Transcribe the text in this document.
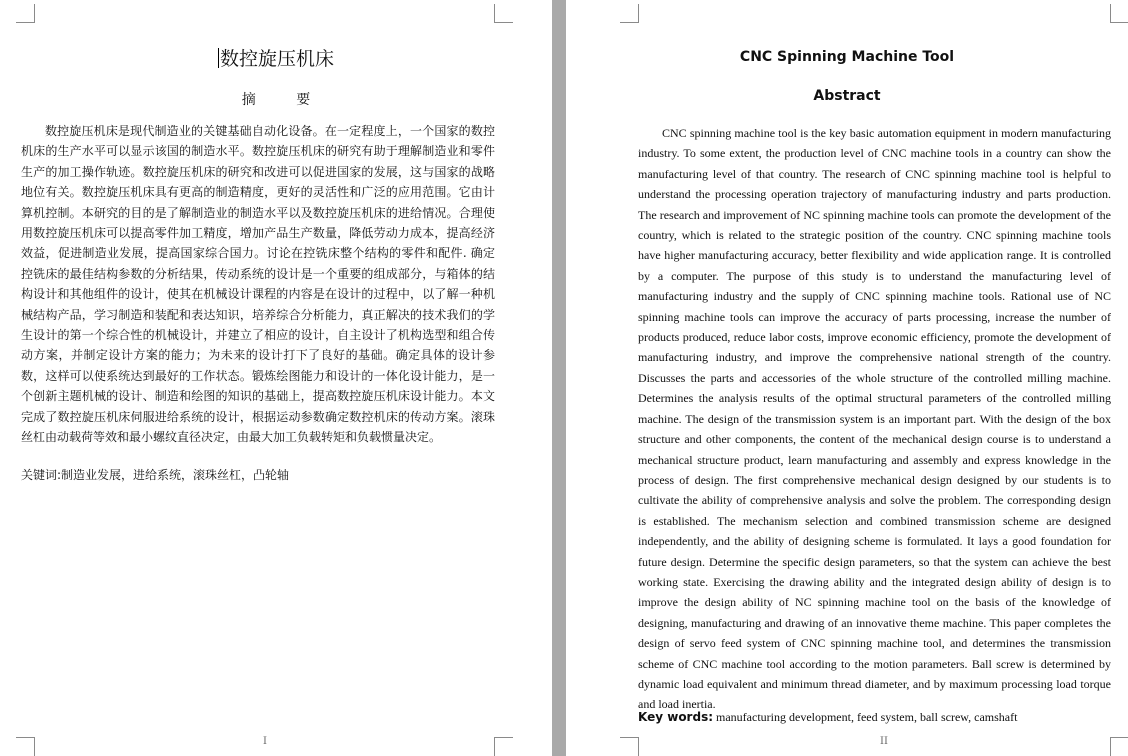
数控旋压机床
摘 要

数控旋压机床是现代制造业的关键基础自动化设备。在一定程度上，一个国家的数控机床的生产水平可以显示该国的制造水平。数控旋压机床的研究有助于理解制造业和零件生产的加工操作轨迹。数控旋压机床的研究和改进可以促进国家的发展，这与国家的战略地位有关。数控旋压机床具有更高的制造精度，更好的灵活性和广泛的应用范围。它由计算机控制。本研究的目的是了解制造业的制造水平以及数控旋压机床的进给情况。合理使用数控旋压机床可以提高零件加工精度，增加产品生产数量，降低劳动力成本，提高经济效益，促进制造业发展，提高国家综合国力。讨论在控铣床整个结构的零件和配件. 确定控铣床的最佳结构参数的分析结果，传动系统的设计是一个重要的组成部分，与箱体的结构设计和其他组件的设计，使其在机械设计课程的内容是在设计的过程中，以了解一种机械结构产品，学习制造和装配和表达知识，培养综合分析能力，真正解决的技术我们的学生设计的第一个综合性的机械设计，并建立了相应的设计，自主设计了机构选型和组合传动方案，并制定设计方案的能力；为未来的设计打下了良好的基础。确定具体的设计参数，这样可以使系统达到最好的工作状态。锻炼绘图能力和设计的一体化设计能力，是一个创新主题机械的设计、制造和绘图的知识的基础上，提高数控旋压机床设计能力。本文完成了数控旋压机床伺服进给系统的设计，根据运动参数确定数控机床的传动方案。滚珠丝杠由动载荷等效和最小螺纹直径决定，由最大加工负载转矩和负载惯量决定。

关键词:制造业发展，进给系统，滚珠丝杠，凸轮轴
I
CNC Spinning Machine Tool
Abstract

CNC spinning machine tool is the key basic automation equipment in modern manufacturing industry. To some extent, the production level of CNC machine tools in a country can show the manufacturing level of that country. The research of CNC spinning machine tool is helpful to understand the processing operation trajectory of manufacturing industry and parts production. The research and improvement of NC spinning machine tools can promote the development of the country, which is related to the strategic position of the country. CNC spinning machine tools have higher manufacturing accuracy, better flexibility and wide application range. It is controlled by a computer. The purpose of this study is to understand the manufacturing level of manufacturing industry and the supply of CNC spinning machine tools. Rational use of NC spinning machine tools can improve the accuracy of parts processing, increase the number of products produced, reduce labor costs, improve economic efficiency, promote the development of manufacturing industry, and improve the comprehensive national strength of the country. Discusses the parts and accessories of the whole structure of the controlled milling machine. Determines the analysis results of the optimal structural parameters of the controlled milling machine. The design of the transmission system is an important part. With the design of the box structure and other components, the content of the mechanical design course is to understand a mechanical structure product, learn manufacturing and assembly and express knowledge in the process of design. The first comprehensive mechanical design designed by our students is to cultivate the ability of comprehensive analysis and solve the problem. The corresponding design is established. The mechanism selection and combined transmission scheme are designed independently, and the ability of designing scheme is formulated. It lays a good foundation for future design. Determine the specific design parameters, so that the system can achieve the best working state. Exercising the drawing ability and the integrated design ability of design is to improve the design ability of NC spinning machine tool on the basis of the knowledge of designing, manufacturing and drawing of an innovative theme machine. This paper completes the design of servo feed system of CNC spinning machine tool, and determines the transmission scheme of CNC machine tool according to the motion parameters. Ball screw is determined by dynamic load equivalent and minimum thread diameter, and by maximum processing load torque and load inertia.

Key words: manufacturing development, feed system, ball screw, camshaft
II
